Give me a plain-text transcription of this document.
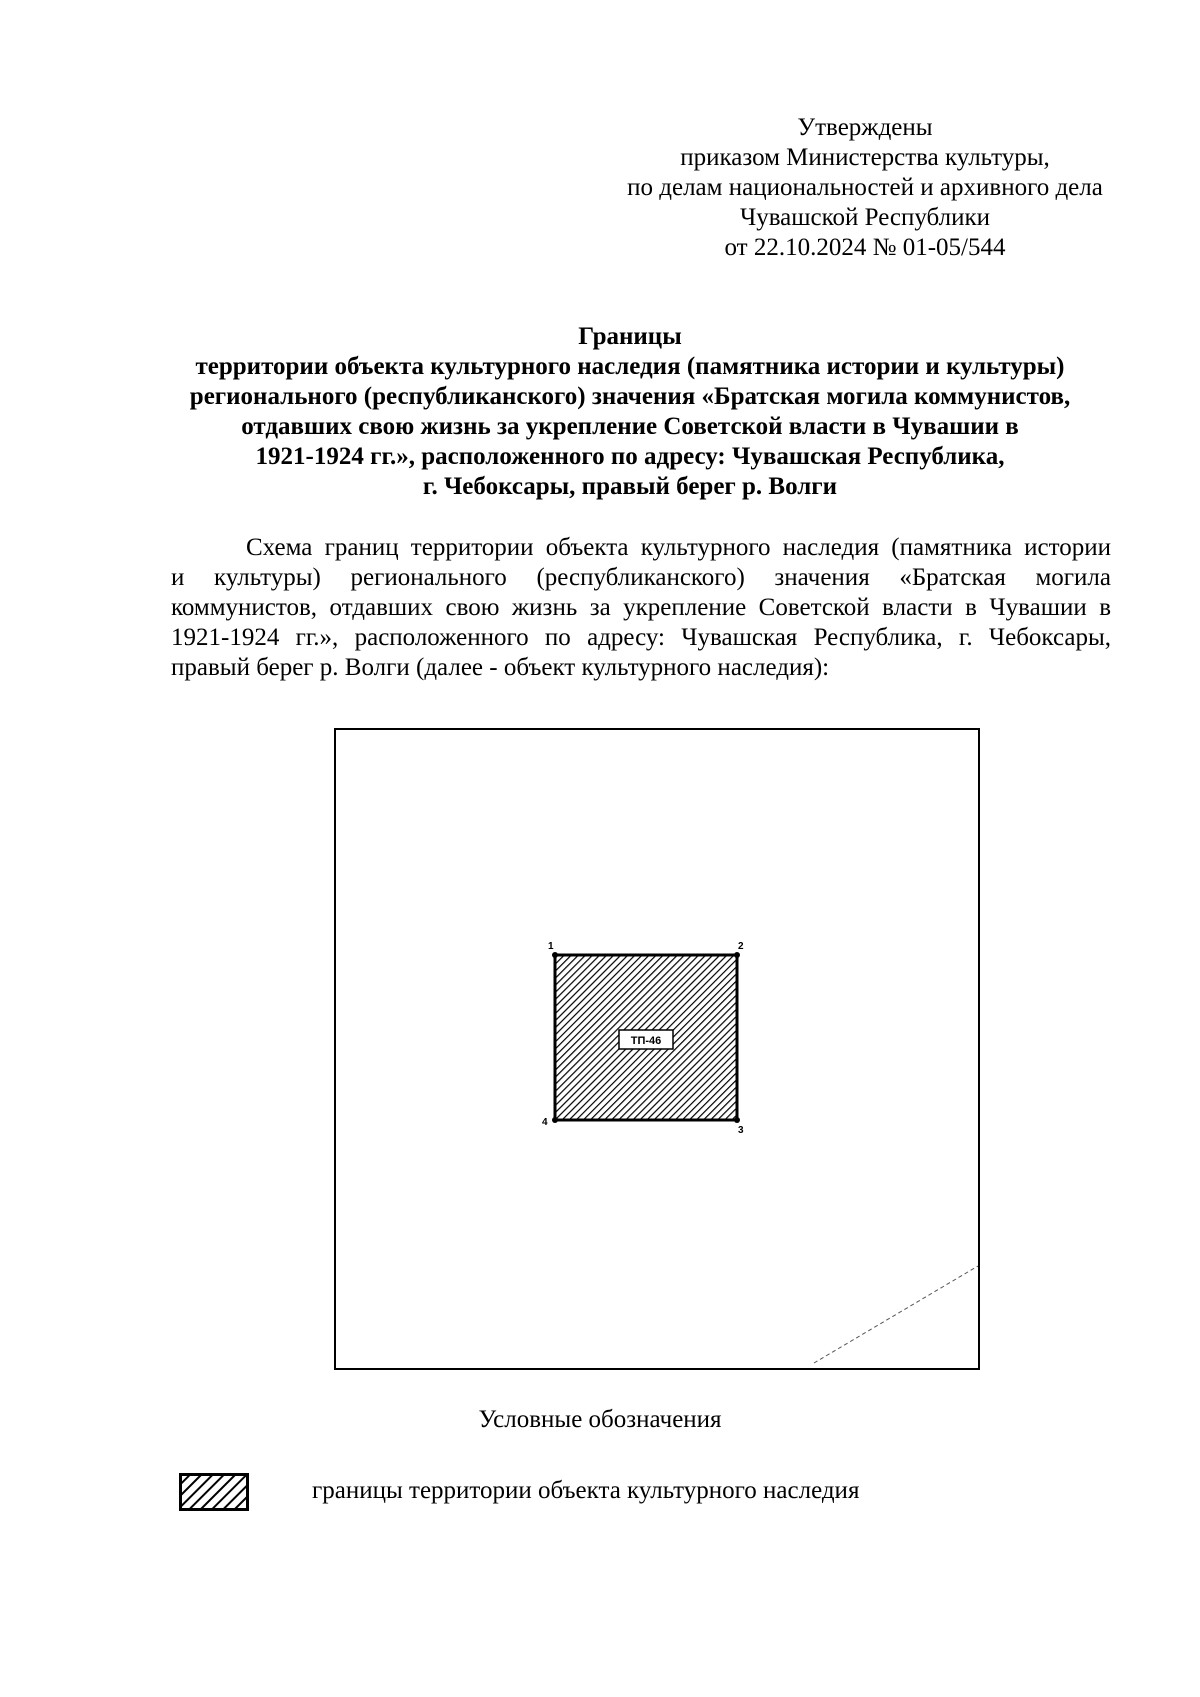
Утверждены
приказом Министерства культуры,
по делам национальностей и архивного дела
Чувашской Республики
от 22.10.2024 № 01-05/544
Границы
территории объекта культурного наследия (памятника истории и культуры)
регионального (республиканского) значения «Братская могила коммунистов,
отдавших свою жизнь за укрепление Советской власти в Чувашии в
1921-1924 гг.», расположенного по адресу: Чувашская Республика,
г. Чебоксары, правый берег р. Волги
Схема границ территории объекта культурного наследия (памятника истории
и культуры) регионального (республиканского) значения «Братская могила
коммунистов, отдавших свою жизнь за укрепление Советской власти в Чувашии в
1921-1924 гг.», расположенного по адресу: Чувашская Республика, г. Чебоксары,
правый берег р. Волги (далее - объект культурного наследия):
1	2
3
4
ТП-46
Условные обозначения
границы территории объекта культурного наследия
